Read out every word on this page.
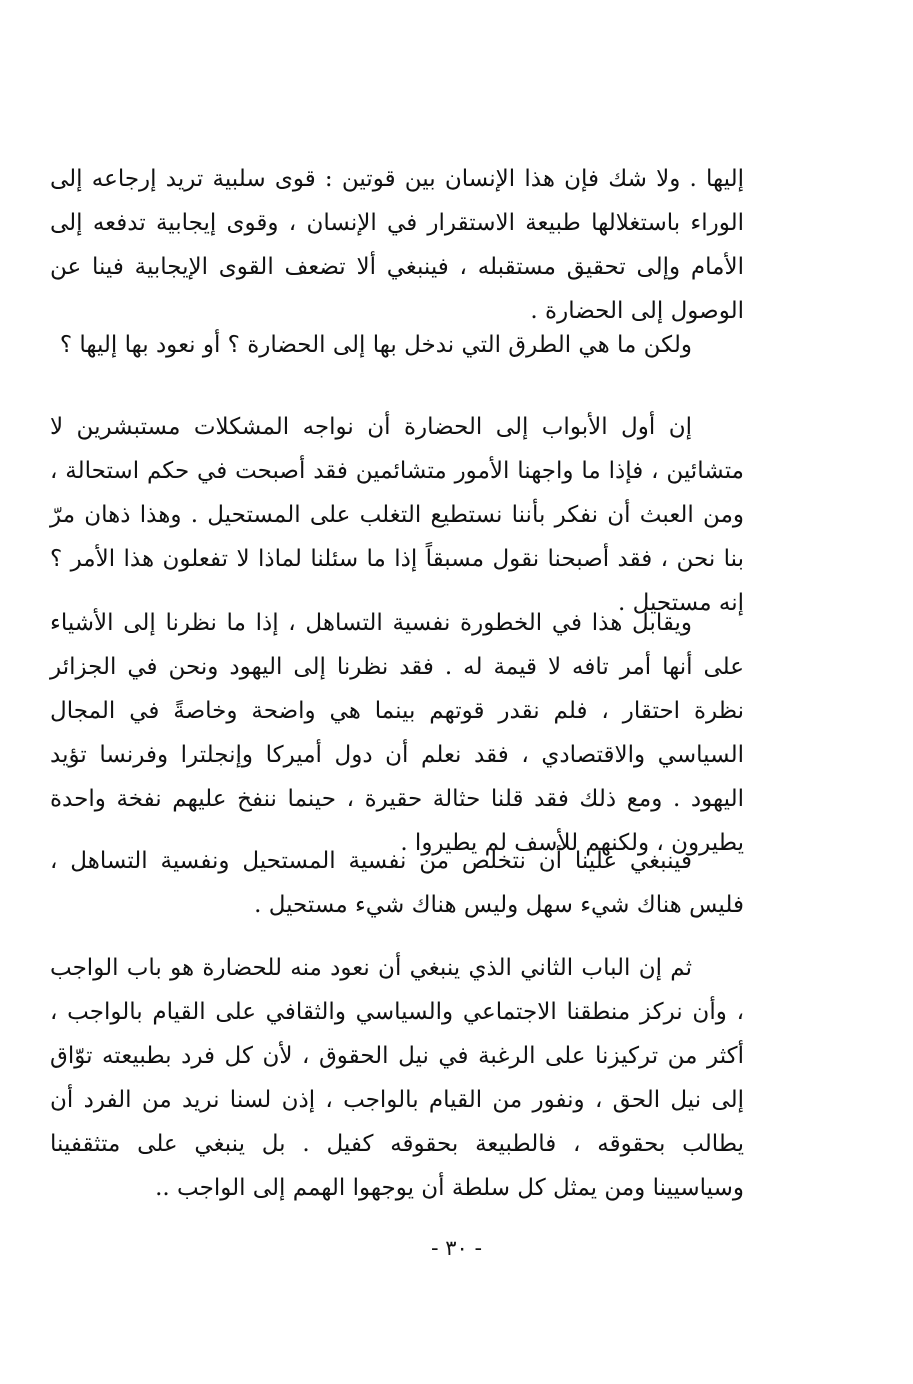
إليها . ولا شك فإن هذا الإنسان بين قوتين : قوى سلبية تريد إرجاعه إلى الوراء باستغلالها طبيعة الاستقرار في الإنسان ، وقوى إيجابية تدفعه إلى الأمام وإلى تحقيق مستقبله ، فينبغي ألا تضعف القوى الإيجابية فينا عن الوصول إلى الحضارة .

ولكن ما هي الطرق التي ندخل بها إلى الحضارة ؟ أو نعود بها إليها ؟

إن أول الأبواب إلى الحضارة أن نواجه المشكلات مستبشرين لا متشائين ، فإذا ما واجهنا الأمور متشائمين فقد أصبحت في حكم استحالة ، ومن العبث أن نفكر بأننا نستطيع التغلب على المستحيل . وهذا ذهان مرّ بنا نحن ، فقد أصبحنا نقول مسبقاً إذا ما سئلنا لماذا لا تفعلون هذا الأمر ؟ إنه مستحيل .

ويقابل هذا في الخطورة نفسية التساهل ، إذا ما نظرنا إلى الأشياء على أنها أمر تافه لا قيمة له . فقد نظرنا إلى اليهود ونحن في الجزائر نظرة احتقار ، فلم نقدر قوتهم بينما هي واضحة وخاصةً في المجال السياسي والاقتصادي ، فقد نعلم أن دول أميركا وإنجلترا وفرنسا تؤيد اليهود . ومع ذلك فقد قلنا حثالة حقيرة ، حينما ننفخ عليهم نفخة واحدة يطيرون ، ولكنهم للأسف لم يطيروا .

فينبغي علينا أن نتخلص من نفسية المستحيل ونفسية التساهل ، فليس هناك شيء سهل وليس هناك شيء مستحيل .

ثم إن الباب الثاني الذي ينبغي أن نعود منه للحضارة هو باب الواجب ، وأن نركز منطقنا الاجتماعي والسياسي والثقافي على القيام بالواجب ، أكثر من تركيزنا على الرغبة في نيل الحقوق ، لأن كل فرد بطبيعته توّاق إلى نيل الحق ، ونفور من القيام بالواجب ، إذن لسنا نريد من الفرد أن يطالب بحقوقه ، فالطبيعة بحقوقه كفيل . بل ينبغي على متثقفينا وسياسيينا ومن يمثل كل سلطة أن يوجهوا الهمم إلى الواجب ..

- ٣٠ -
